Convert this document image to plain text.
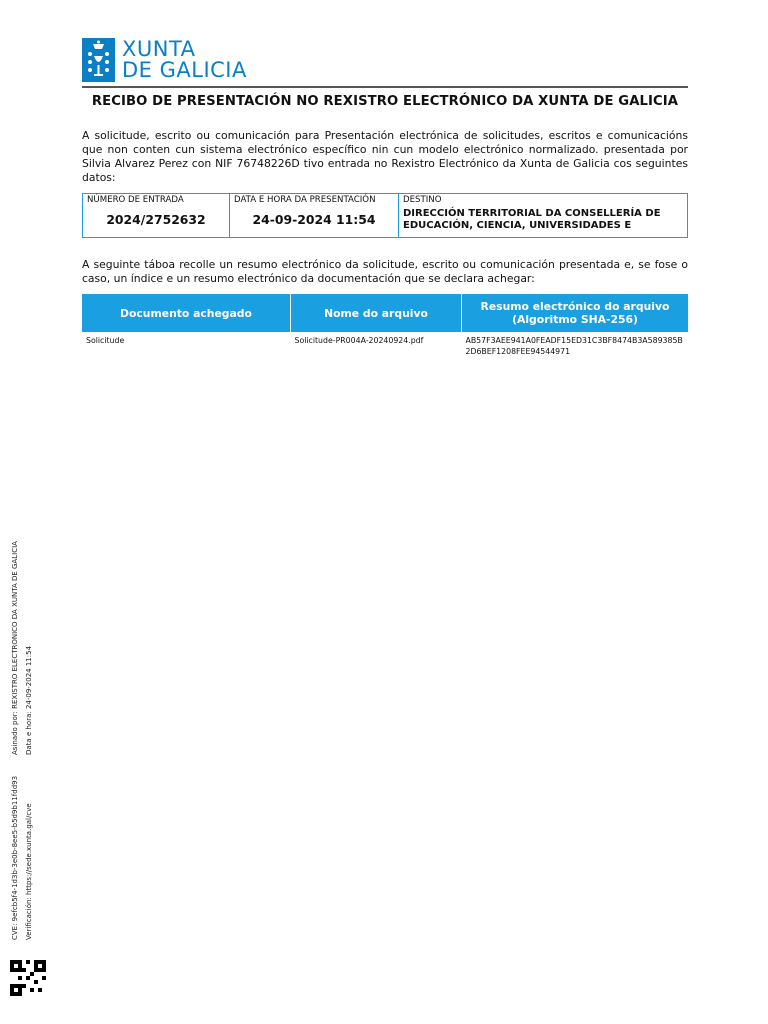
XUNTA
DE GALICIA
RECIBO DE PRESENTACIÓN NO REXISTRO ELECTRÓNICO DA XUNTA DE GALICIA
A solicitude, escrito ou comunicación para Presentación electrónica de solicitudes, escritos e comunicacións que non conten cun sistema electrónico específico nin cun modelo electrónico normalizado. presentada por Silvia Alvarez Perez con NIF 76748226D tivo entrada no Rexistro Electrónico da Xunta de Galicia cos seguintes datos:
NÚMERO DE ENTRADA
2024/2752632
DATA E HORA DA PRESENTACIÓN
24-09-2024 11:54
DESTINO
DIRECCIÓN TERRITORIAL DA CONSELLERÍA DE EDUCACIÓN, CIENCIA, UNIVERSIDADES E
A seguinte táboa recolle un resumo electrónico da solicitude, escrito ou comunicación presentada e, se fose o caso, un índice e un resumo electrónico da documentación que se declara achegar:
Documento achegado	Nome do arquivo	Resumo electrónico do arquivo (Algoritmo SHA-256)
Solicitude	Solicitude-PR004A-20240924.pdf	AB57F3AEE941A0FEADF15ED31C3BF8474B3A589385B2D6BEF1208FEE94544971
CVE: 9efcb5f4-1d3b-3e0b-8ee5-b5d9b11fdd93 Verificación: https://sede.xunta.gal/cve
Asinado por: REXISTRO ELECTRONICO DA XUNTA DE GALICIA Data e hora: 24-09-2024 11:54
